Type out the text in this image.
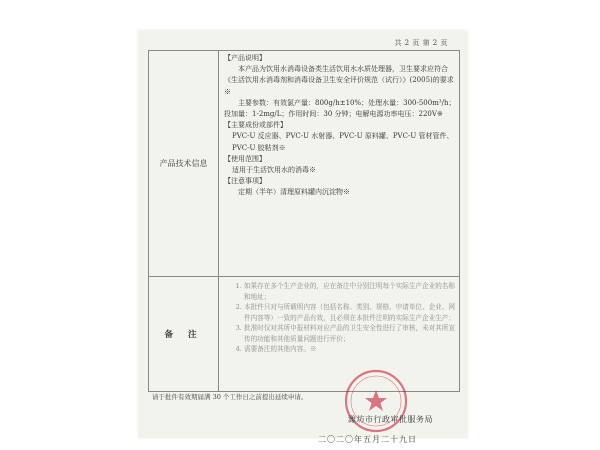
共 2 页 第 2 页
产品技术信息

【产品说明】

本产品为饮用水消毒设备类生活饮用水水质处理器，卫生要求应符合《生活饮用水消毒剂和消毒设备卫生安全评价规范（试行）》(2005)的要求※

主要参数：有效氯产量：800g/h±10%；处理水量：300-500m³/h；投加量：1-2mg/L；作用时间：30 分钟；电解电源功率电压：220V※

【主要成份或部件】

PVC-U 反应器、PVC-U 水射器、PVC-U 原料罐、PVC-U 管材管件、PVC-U 胶粘剂※

【使用范围】

适用于生活饮用水的消毒※

【注意事项】

定期（半年）清理原料罐内沉淀物※

备 注
1. 如果存在多个生产企业的，应在备注中分别注明每个实际生产企业的名称和地址；
2. 本批件只对与所载明内容（包括名称、类别、规格、申请单位、企业、网件内容等）一致的产品有效，且必须在本批件注明的实际生产企业生产；
3. 批准时仅对其所申报材料对应产品的卫生安全性进行了审核，未对其所宣传的功能和其他质量问题进行评价；
4. 需要备注的其他内容。※
请于批件有效期届满 30 个工作日之前提出延续申请。
潍坊市行政审批服务局
二〇二〇年五月二十九日
